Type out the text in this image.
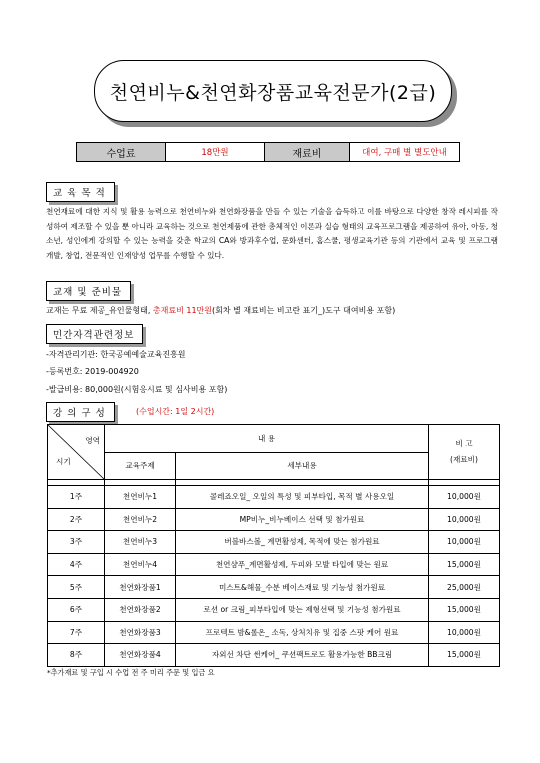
천연비누&천연화장품교육전문가(2급)
수업료	18만원	재료비	대여, 구매 별 별도안내
교 육 목 적
천연재료에 대한 지식 및 활용 능력으로 천연비누와 천연화장품을 만들 수 있는 기술을 습득하고 이를 바탕으로 다양한 창작 레시피를 작성하여 제조할 수 있을 뿐 아니라 교육하는 것으로 천연제품에 관한 총체적인 이론과 실습 형태의 교육프로그램을 제공하여 유아, 아동, 청소년, 성인에게 강의할 수 있는 능력을 갖춘 학교의 CA와 방과후수업, 문화센터, 홈스쿨, 평생교육기관 등의 기관에서 교육 및 프로그램 개발, 창업, 전문적인 인재양성 업무를 수행할 수 있다.
교재 및 준비물
교재는 무료 제공_유인물형태, 총재료비 11만원(회차 별 재료비는 비고란 표기_)도구 대여비용 포함)
민간자격관련정보
-자격관리기관: 한국공예예술교육진흥원
-등록번호: 2019-004920
-발급비용: 80,000원(시험응시료 및 심사비용 포함)
강 의 구 성	(수업시간: 1일 2시간)
영역
시기	내 용		비 고
(재료비)
	교육주제	세부내용	

1주	천연비누1	콜레죠오일_ 오일의 특성 및 피부타입, 목적 별 사용오일	10,000원
2주	천연비누2	MP비누_비누베이스 선택 및 첨가원료	10,000원
3주	천연비누3	버블바스볼_ 계면활성제, 목적에 맞는 첨가원료	10,000원
4주	천연비누4	천연샴푸_계면활성제, 두피와 모발 타입에 맞는 원료	15,000원
5주	천연화장품1	미스트&해물_수분 베이스재료 및 기능성 첨가원료	25,000원
6주	천연화장품2	로션 or 크림_피부타입에 맞는 제형선택 및 기능성 첨가원료	15,000원
7주	천연화장품3	프로텍트 밤&롤온_ 소독, 상처치유 및 집중 스팟 케어 원료	10,000원
8주	천연화장품4	자외선 차단 썬케어_ 쿠션팩트로도 활용가능한 BB크림	15,000원
*추가재료 및 구입 시 수업 전 주 미리 주문 및 입금 요
